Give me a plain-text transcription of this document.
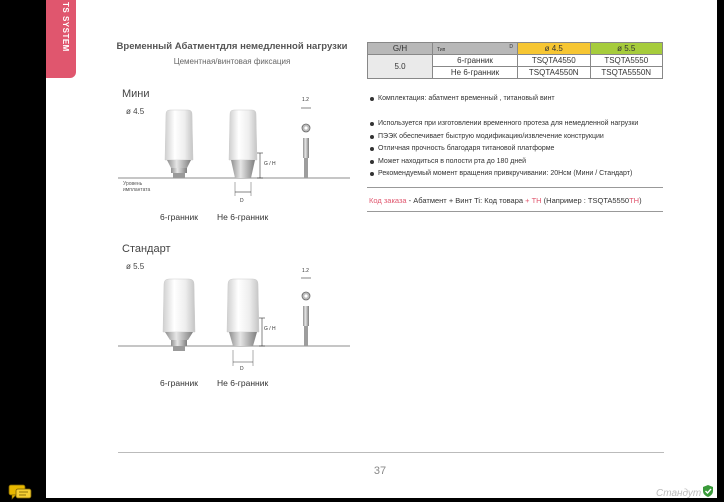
TS SYSTEM	Временный Абатментдля немедленной нагрузки
Цементная/винтовая фиксация
Мини
ø 4.5
Уровень имплантата
G / H
D
1.2
6-гранник Не 6-гранник
Стандарт
ø 5.5
G / H
D
1.2
6-гранник Не 6-гранник
G/H	Тип D	ø 4.5	ø 5.5
5.0	6-гранник	TSQTA4550	TSQTA5550
	Не 6-гранник	TSQTA4550N	TSQTA5550N
Комплектация: абатмент временный , титановый винт
Используется при изготовлении временного протеза для немедленной нагрузки
ПЭЭК обеспечивает быструю модификацию/извлечение конструкции
Отличная прочность благодаря титановой платформе
Может находиться в полости рта до 180 дней
Рекомендуемый момент вращения привкручивании: 20Нсм (Мини / Стандарт)
Код заказа - Абатмент + Винт Ti: Код товара + TH (Например : TSQTA5550TH)
37
Стандут
